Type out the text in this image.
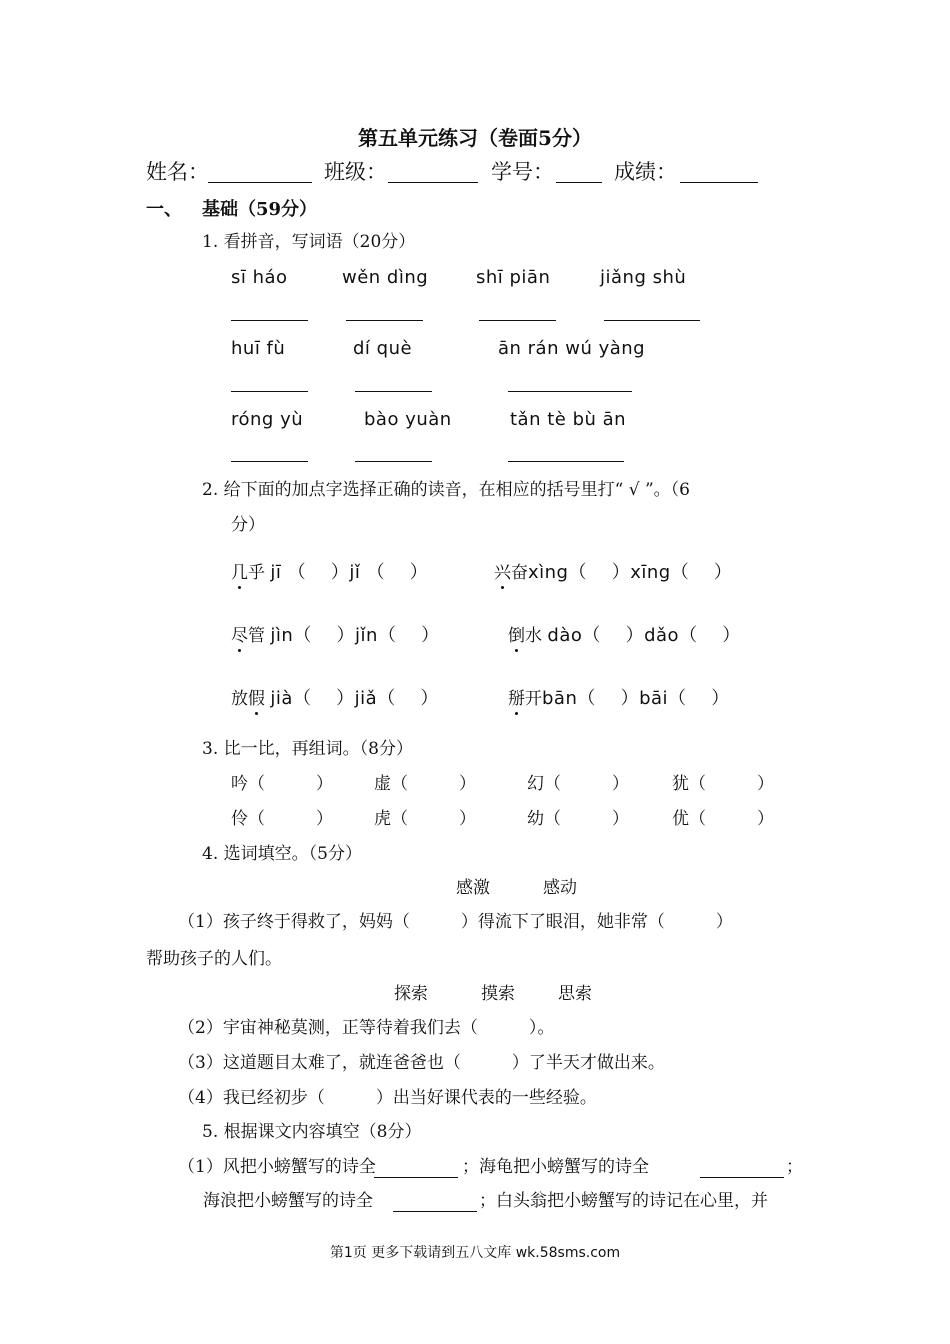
第五单元练习（卷面5分）
姓名：	班级：	学号：	成绩：
一、 基础（59分）
1. 看拼音，写词语（20分）
sī háo	wěn dìng	shī piān	jiǎng shù
huī fù	dí què	ān rán wú yàng
róng yù	bào yuàn	tǎn tè bù ān
2. 给下面的加点字选择正确的读音，在相应的括号里打“ √ ”。（6
分）
几乎 jī （　 ）jǐ （　 ）	兴奋xìng（　 ）xīng（　 ）
尽管 jìn（　 ）jǐn（　 ）	倒水 dào（　 ）dǎo（　 ）
放假 jià（　 ）jiǎ（　 ）	掰开bān（　 ）bāi（　 ）
3. 比一比，再组词。（8分）
吟（　　　） 虚（　　　）	幻（　　　）	犹（　　　）
伶（　　　） 虎（　　　）	幼（　　　）	优（　　　）
4. 选词填空。（5分）
感激	感动
（1）孩子终于得救了，妈妈（　　　）得流下了眼泪，她非常（　　　）
帮助孩子的人们。
探索	摸索	思索
（2）宇宙神秘莫测，正等待着我们去（　　　）。
（3）这道题目太难了，就连爸爸也（　　　）了半天才做出来。
（4）我已经初步（　　　）出当好课代表的一些经验。
5. 根据课文内容填空（8分）
（1）风把小螃蟹写的诗全	；海龟把小螃蟹写的诗全	；
海浪把小螃蟹写的诗全	；白头翁把小螃蟹写的诗记在心里，并
第1页 更多下载请到五八文库 wk.58sms.com
